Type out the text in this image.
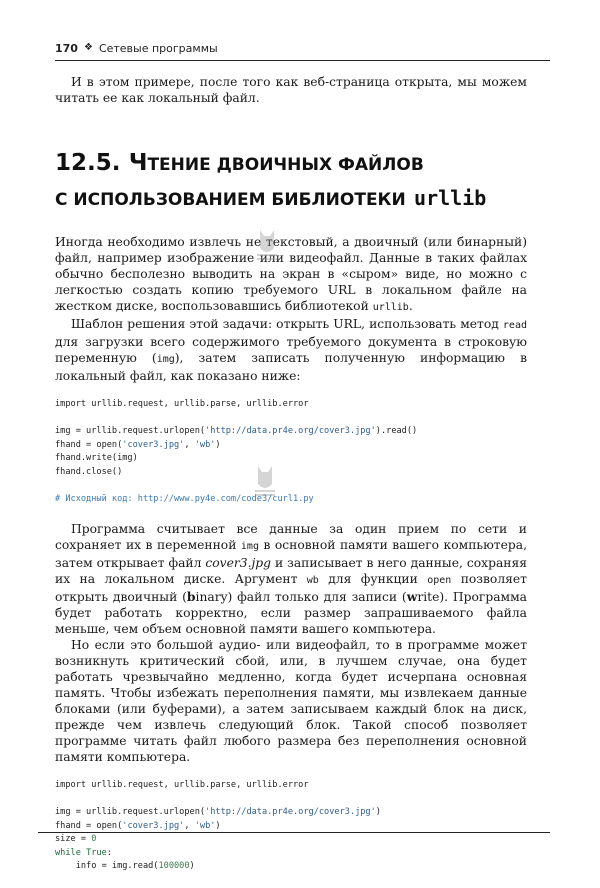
170 ❖ Сетевые программы

И в этом примере, после того как веб-страница открыта, мы можем читать ее как локальный файл.

12.5. ЧТЕНИЕ ДВОИЧНЫХ ФАЙЛОВ
С ИСПОЛЬЗОВАНИЕМ БИБЛИОТЕКИ urllib

Иногда необходимо извлечь не текстовый, а двоичный (или бинарный) файл, например изображение или видеофайл. Данные в таких файлах обычно бесполезно выводить на экран в «сыром» виде, но можно с легкостью создать копию требуемого URL в локальном файле на жестком диске, воспользовавшись библиотекой urllib.

Шаблон решения этой задачи: открыть URL, использовать метод read для загрузки всего содержимого требуемого документа в строковую переменную (img), затем записать полученную информацию в локальный файл, как показано ниже:

import urllib.request, urllib.parse, urllib.error

img = urllib.request.urlopen('http://data.pr4e.org/cover3.jpg').read()
fhand = open('cover3.jpg', 'wb')
fhand.write(img)
fhand.close()

# Исходный код: http://www.py4e.com/code3/curl1.py

Программа считывает все данные за один прием по сети и сохраняет их в переменной img в основной памяти вашего компьютера, затем открывает файл cover3.jpg и записывает в него данные, сохраняя их на локальном диске. Аргумент wb для функции open позволяет открыть двоичный (binary) файл только для записи (write). Программа будет работать корректно, если размер запрашиваемого файла меньше, чем объем основной памяти вашего компьютера.

Но если это большой аудио- или видеофайл, то в программе может возникнуть критический сбой, или, в лучшем случае, она будет работать чрезвычайно медленно, когда будет исчерпана основная память. Чтобы избежать переполнения памяти, мы извлекаем данные блоками (или буферами), а затем записываем каждый блок на диск, прежде чем извлечь следующий блок. Такой способ позволяет программе читать файл любого размера без переполнения основной памяти компьютера.

import urllib.request, urllib.parse, urllib.error

img = urllib.request.urlopen('http://data.pr4e.org/cover3.jpg')
fhand = open('cover3.jpg', 'wb')
size = 0
while True:
info = img.read(100000)
